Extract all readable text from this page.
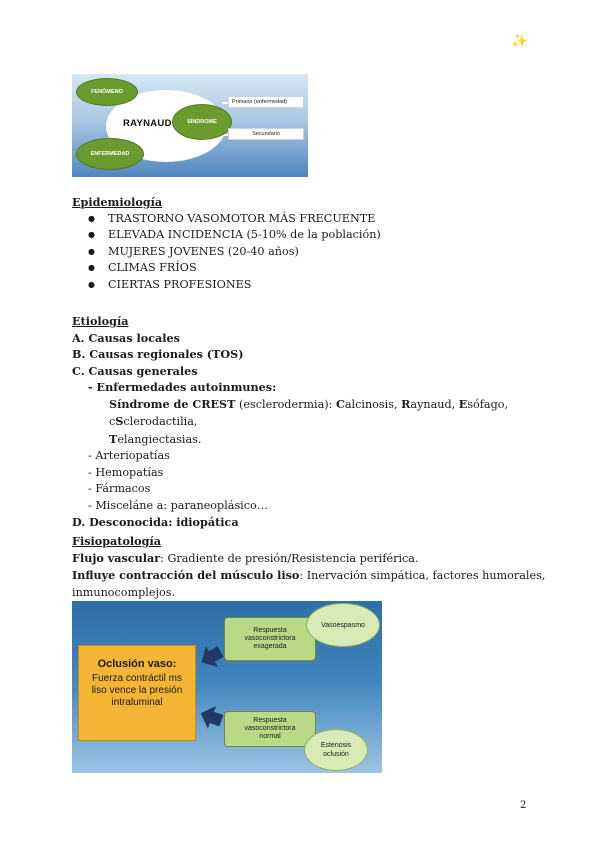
✨
RAYNAUD
FENÓMENO
SÍNDROME
ENFERMEDAD
Primario (enfermedad)
Secundario
Epidemiología
● TRASTORNO VASOMOTOR MÁS FRECUENTE
● ELEVADA INCIDENCIA (5-10% de la población)
● MUJERES JOVENES (20-40 años)
● CLIMAS FRÍOS
● CIERTAS PROFESIONES
Etiología
A. Causas locales
B. Causas regionales (TOS)
C. Causas generales
- Enfermedades autoinmunes:
Síndrome de CREST (esclerodermia): Calcinosis, Raynaud, Esófago, cSclerodactilia,
Telangiectasias.
- Arteriopatías
- Hemopatías
- Fármacos
- Misceláne a: paraneoplásico…
D. Desconocida: idiopática
Fisiopatología
Flujo vascular: Gradiente de presión/Resistencia periférica.
Influye contracción del músculo liso: Inervación simpática, factores humorales,
inmunocomplejos.
Oclusión vaso:
Fuerza contráctil ms
liso vence la presión
intraluminal
Respuesta
vasoconstrictora
exagerada
Respuesta
vasoconstrictora
normal
Vasoespasmo
Estenosis
oclusión
2
